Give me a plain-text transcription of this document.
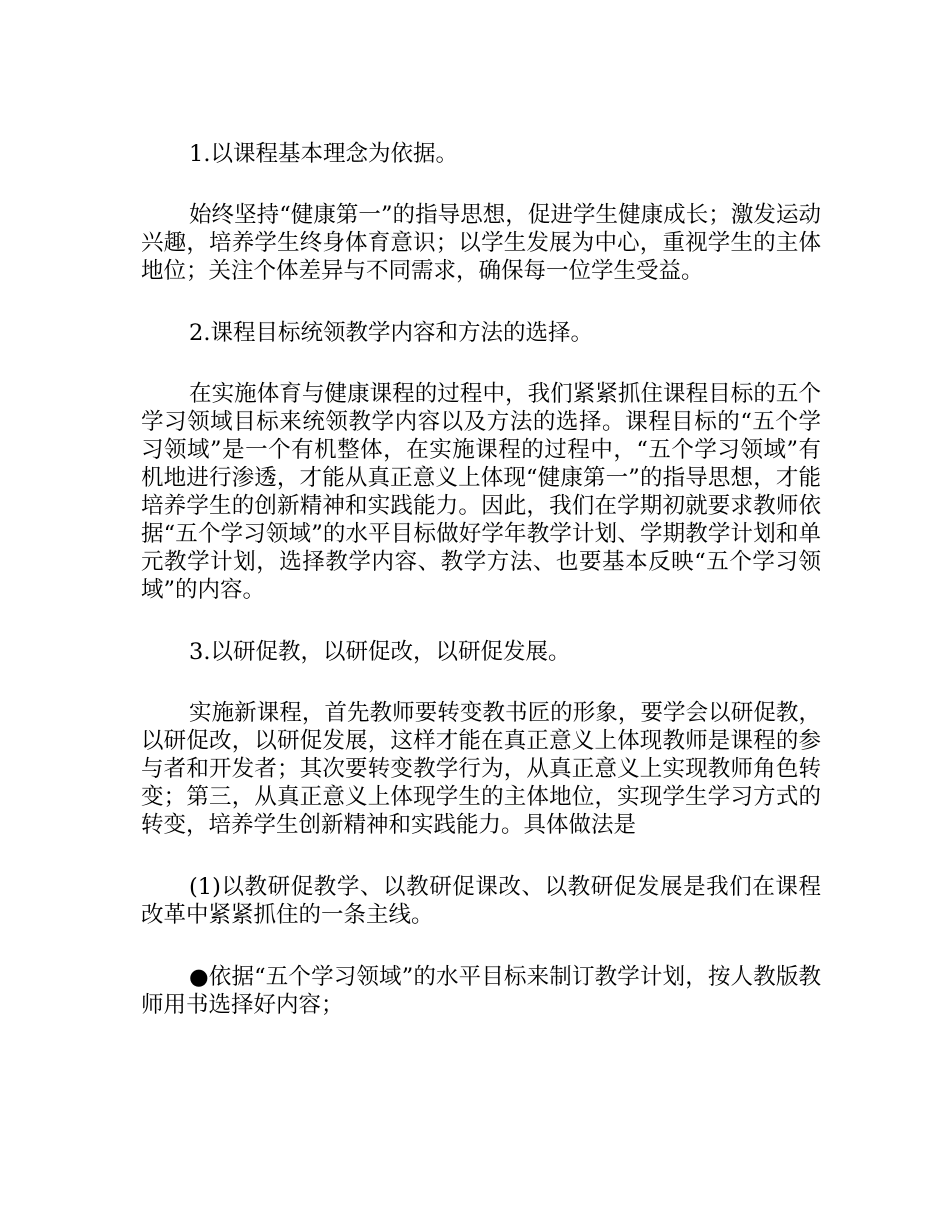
1.以课程基本理念为依据。

始终坚持“健康第一”的指导思想，促进学生健康成长；激发运动兴趣，培养学生终身体育意识；以学生发展为中心，重视学生的主体地位；关注个体差异与不同需求，确保每一位学生受益。

2.课程目标统领教学内容和方法的选择。

在实施体育与健康课程的过程中，我们紧紧抓住课程目标的五个学习领域目标来统领教学内容以及方法的选择。课程目标的“五个学习领域”是一个有机整体，在实施课程的过程中，“五个学习领域”有机地进行渗透，才能从真正意义上体现“健康第一”的指导思想，才能培养学生的创新精神和实践能力。因此，我们在学期初就要求教师依据“五个学习领域”的水平目标做好学年教学计划、学期教学计划和单元教学计划，选择教学内容、教学方法、也要基本反映“五个学习领域”的内容。

3.以研促教，以研促改，以研促发展。

实施新课程，首先教师要转变教书匠的形象，要学会以研促教，以研促改，以研促发展，这样才能在真正意义上体现教师是课程的参与者和开发者；其次要转变教学行为，从真正意义上实现教师角色转变；第三，从真正意义上体现学生的主体地位，实现学生学习方式的转变，培养学生创新精神和实践能力。具体做法是

(1)以教研促教学、以教研促课改、以教研促发展是我们在课程改革中紧紧抓住的一条主线。

●依据“五个学习领域”的水平目标来制订教学计划，按人教版教师用书选择好内容；
